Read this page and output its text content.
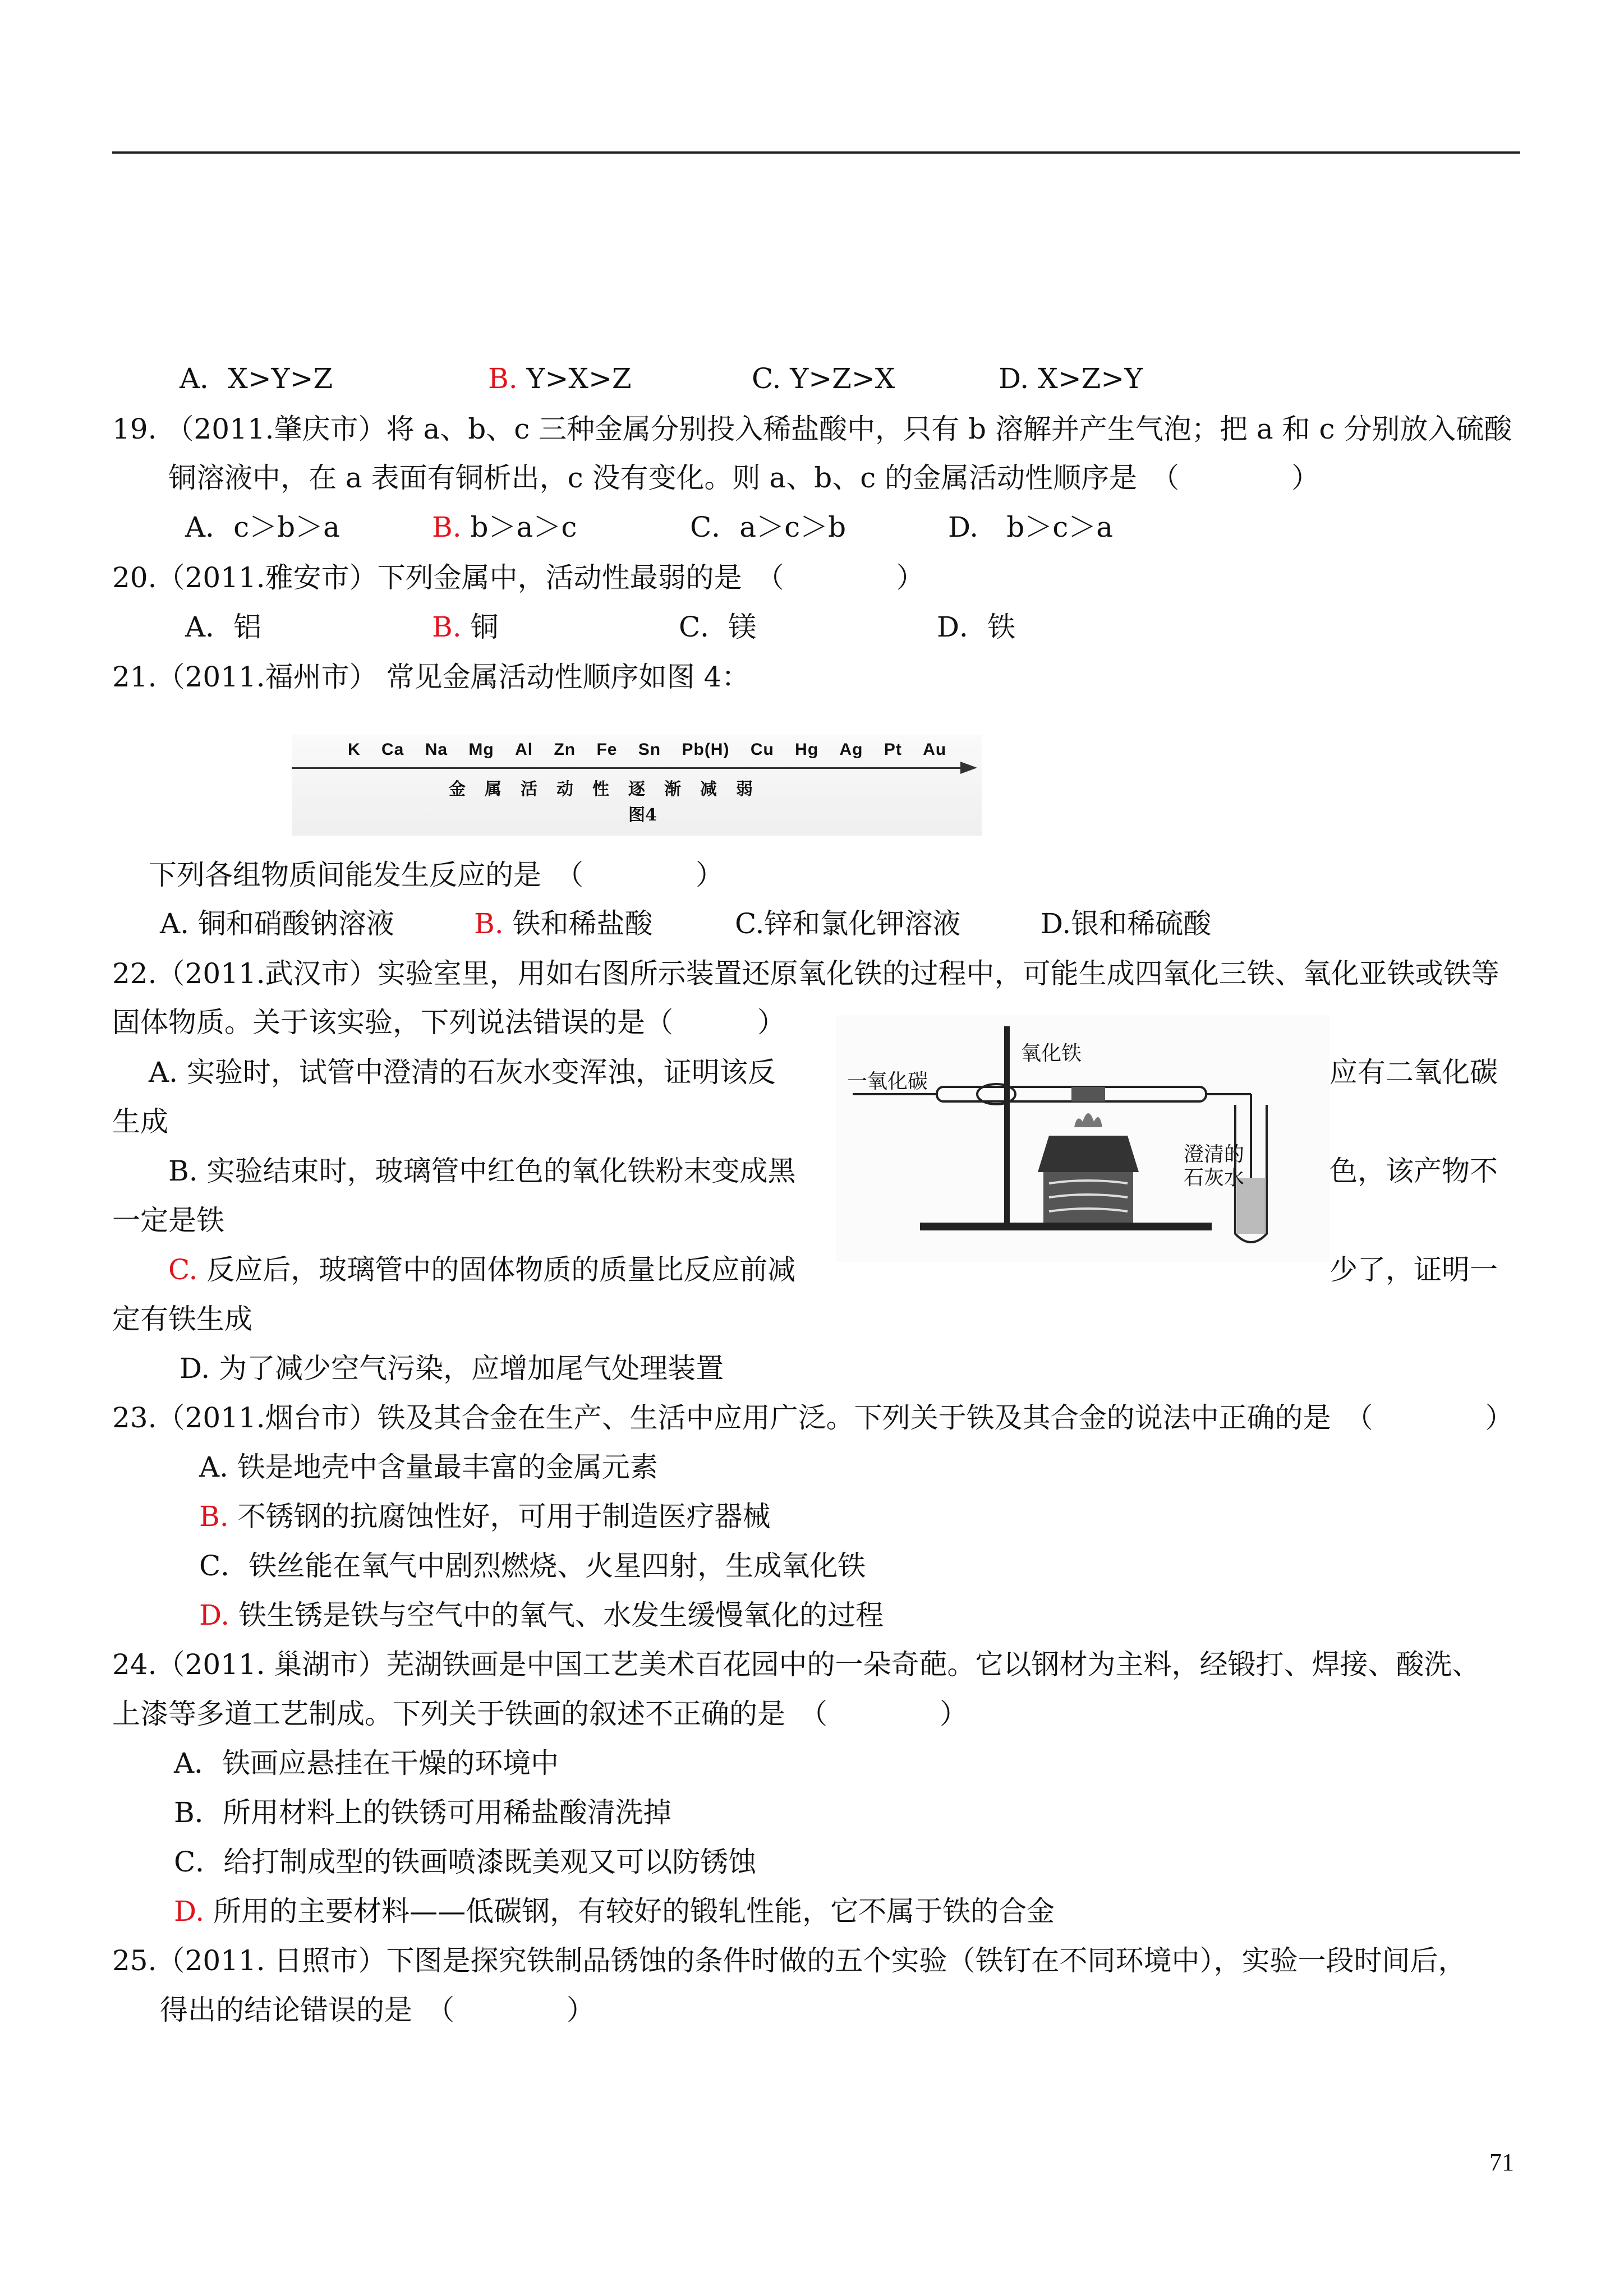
A．X>Y>Z	B. Y>X>Z	C. Y>Z>X	D. X>Z>Y
19. （2011.肇庆市）将 a、b、c 三种金属分别投入稀盐酸中，只有 b 溶解并产生气泡；把 a 和 c 分别放入硫酸
铜溶液中，在 a 表面有铜析出，c 没有变化。则 a、b、c 的金属活动性顺序是　（　　　　）
A．c＞b＞a	B. b＞a＞c	C．a＞c＞b	D.　b＞c＞a
20.（2011.雅安市）下列金属中，活动性最弱的是　（　　　　）
A．铝	B. 铜	C．镁	D．铁
21.（2011.福州市） 常见金属活动性顺序如图 4：
K Ca Na Mg Al Zn Fe Sn Pb(H) Cu Hg Ag Pt Au
金属活动性逐渐减弱
图4
下列各组物质间能发生反应的是　（　　　　）
A. 铜和硝酸钠溶液	B. 铁和稀盐酸	C.锌和氯化钾溶液	D.银和稀硫酸
22.（2011.武汉市）实验室里，用如右图所示装置还原氧化铁的过程中，可能生成四氧化三铁、氧化亚铁或铁等
固体物质。关于该实验，下列说法错误的是（　　　）
A. 实验时，试管中澄清的石灰水变浑浊，证明该反	应有二氧化碳
生成
B. 实验结束时，玻璃管中红色的氧化铁粉末变成黑	色，该产物不
一定是铁
C. 反应后，玻璃管中的固体物质的质量比反应前减	少了，证明一
定有铁生成
D. 为了减少空气污染，应增加尾气处理装置
氧化铁
一氧化碳
澄清的
石灰水
23.（2011.烟台市）铁及其合金在生产、生活中应用广泛。下列关于铁及其合金的说法中正确的是　（　　　　）
A. 铁是地壳中含量最丰富的金属元素
B. 不锈钢的抗腐蚀性好，可用于制造医疗器械
C．铁丝能在氧气中剧烈燃烧、火星四射，生成氧化铁
D. 铁生锈是铁与空气中的氧气、水发生缓慢氧化的过程
24.（2011. 巢湖市）芜湖铁画是中国工艺美术百花园中的一朵奇葩。它以钢材为主料，经锻打、焊接、酸洗、
上漆等多道工艺制成。下列关于铁画的叙述不正确的是　（　　　　）
A．铁画应悬挂在干燥的环境中
B．所用材料上的铁锈可用稀盐酸清洗掉
C．给打制成型的铁画喷漆既美观又可以防锈蚀
D. 所用的主要材料——低碳钢，有较好的锻轧性能，它不属于铁的合金
25.（2011. 日照市）下图是探究铁制品锈蚀的条件时做的五个实验（铁钉在不同环境中），实验一段时间后，
得出的结论错误的是　（　　　　）
71
